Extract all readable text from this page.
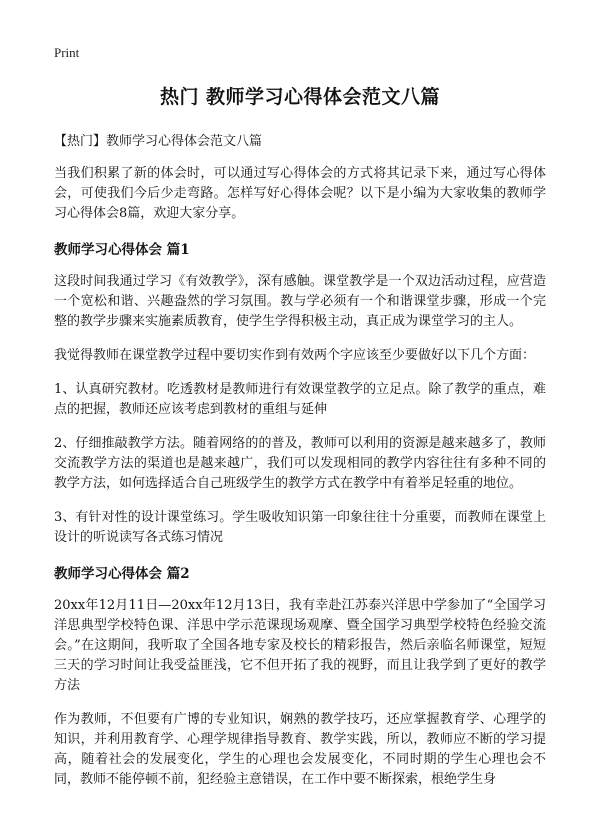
Print
热门 教师学习心得体会范文八篇

【热门】教师学习心得体会范文八篇

当我们积累了新的体会时，可以通过写心得体会的方式将其记录下来，通过写心得体会，可使我们今后少走弯路。怎样写好心得体会呢？以下是小编为大家收集的教师学习心得体会8篇，欢迎大家分享。

教师学习心得体会 篇1

这段时间我通过学习《有效教学》，深有感触。课堂教学是一个双边活动过程，应营造一个宽松和谐、兴趣盎然的学习氛围。教与学必须有一个和谐课堂步骤，形成一个完整的教学步骤来实施素质教育，使学生学得积极主动，真正成为课堂学习的主人。

我觉得教师在课堂教学过程中要切实作到有效两个字应该至少要做好以下几个方面：

1、认真研究教材。吃透教材是教师进行有效课堂教学的立足点。除了教学的重点，难点的把握，教师还应该考虑到教材的重组与延伸

2、仔细推敲教学方法。随着网络的的普及，教师可以利用的资源是越来越多了，教师交流教学方法的渠道也是越来越广，我们可以发现相同的教学内容往往有多种不同的教学方法，如何选择适合自己班级学生的教学方式在教学中有着举足轻重的地位。

3、有针对性的设计课堂练习。学生吸收知识第一印象往往十分重要，而教师在课堂上设计的听说读写各式练习情况

教师学习心得体会 篇2

20xx年12月11日—20xx年12月13日，我有幸赴江苏泰兴洋思中学参加了“全国学习洋思典型学校特色课、洋思中学示范课现场观摩、暨全国学习典型学校特色经验交流会。”在这期间，我听取了全国各地专家及校长的精彩报告，然后亲临名师课堂，短短三天的学习时间让我受益匪浅，它不但开拓了我的视野，而且让我学到了更好的教学方法

作为教师，不但要有广博的专业知识，娴熟的教学技巧，还应掌握教育学、心理学的知识，并利用教育学、心理学规律指导教育、教学实践，所以，教师应不断的学习提高，随着社会的发展变化，学生的心理也会发展变化，不同时期的学生心理也会不同，教师不能停顿不前，犯经验主意错误，在工作中要不断探索，根绝学生身
